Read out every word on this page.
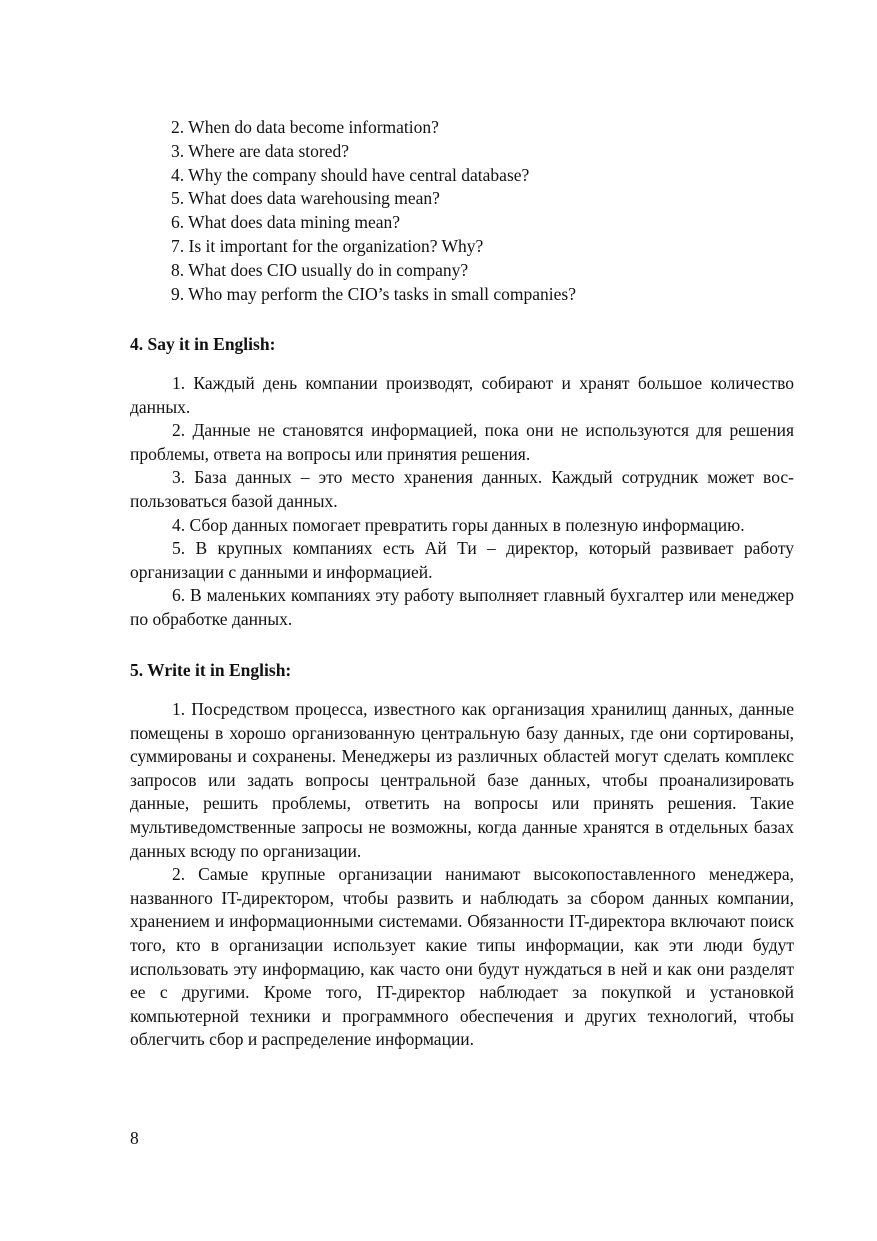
2. When do data become information?
3. Where are data stored?
4. Why the company should have central database?
5. What does data warehousing mean?
6. What does data mining mean?
7. Is it important for the organization? Why?
8. What does CIO usually do in company?
9. Who may perform the CIO’s tasks in small companies?
4. Say it in English:

1. Каждый день компании производят, собирают и хранят большое количество данных.

2. Данные не становятся информацией, пока они не используются для решения проблемы, ответа на вопросы или принятия решения.

3. База данных – это место хранения данных. Каждый сотрудник может воспользоваться базой данных.

4. Сбор данных помогает превратить горы данных в полезную информацию.

5. В крупных компаниях есть Ай Ти – директор, который развивает работу организации с данными и информацией.

6. В маленьких компаниях эту работу выполняет главный бухгалтер или менеджер по обработке данных.

5. Write it in English:

1. Посредством процесса, известного как организация хранилищ данных, данные помещены в хорошо организованную центральную базу данных, где они сортированы, суммированы и сохранены. Менеджеры из различных областей могут сделать комплекс запросов или задать вопросы центральной базе данных, чтобы проанализировать данные, решить проблемы, ответить на вопросы или принять решения. Такие мультиведомственные запросы не возможны, когда данные хранятся в отдельных базах данных всюду по организации.

2. Самые крупные организации нанимают высокопоставленного менеджера, названного IT-директором, чтобы развить и наблюдать за сбором данных компании, хранением и информационными системами. Обязанности IT-директора включают поиск того, кто в организации использует какие типы информации, как эти люди будут использовать эту информацию, как часто они будут нуждаться в ней и как они разделят ее с другими. Кроме того, IT-директор наблюдает за покупкой и установкой компьютерной техники и программного обеспечения и других технологий, чтобы облегчить сбор и распределение информации.

8
